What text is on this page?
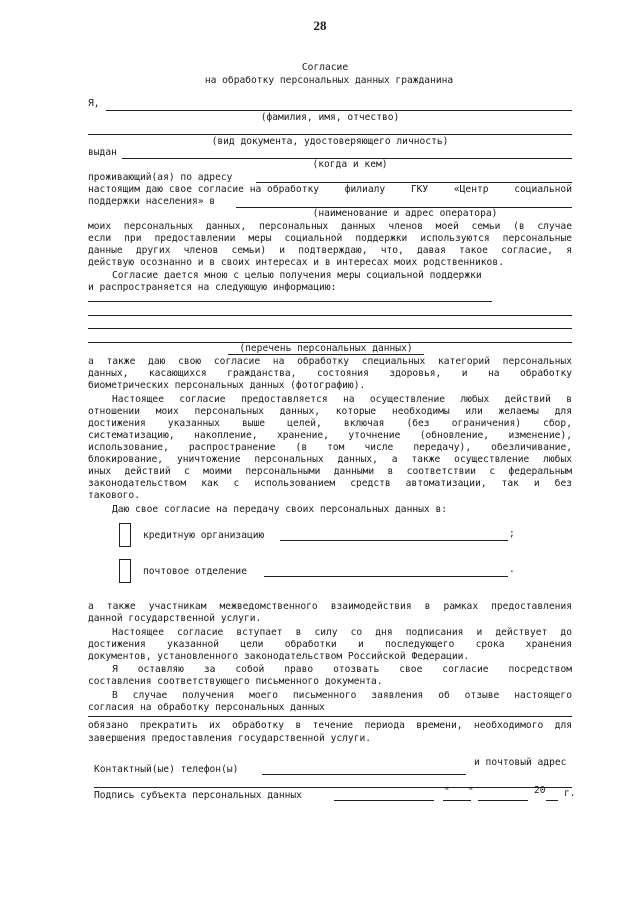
28
Согласие
на обработку персональных данных гражданина
Я,
(фамилия, имя, отчество)
(вид документа, удостоверяющего личность)
выдан
(когда и кем)
проживающий(ая) по адресу
настоящим даю свое согласие на обработку	филиалу	ГКУ	«Центр	социальной
поддержки населения» в
(наименование и адрес оператора)
моих персональных данных, персональных данных членов моей семьи (в случае
если при предоставлении меры социальной поддержки используются персональные
данные других членов семьи) и подтверждаю, что, давая такое согласие, я
действую осознанно и в своих интересах и в интересах моих родственников.
Согласие дается мною с целью получения меры социальной поддержки
и распространяется на следующую информацию:
(перечень персональных данных)
а также даю свою согласие на обработку специальных категорий персональных
данных, касающихся гражданства, состояния здоровья, и на обработку
биометрических персональных данных (фотографию).
Настоящее согласие предоставляется на осуществление любых действий в
отношении моих персональных данных, которые необходимы или желаемы для
достижения указанных выше целей, включая (без ограничения) сбор,
систематизацию, накопление, хранение, уточнение (обновление, изменение),
использование, распространение (в том числе передачу), обезличивание,
блокирование, уничтожение персональных данных, а также осуществление любых
иных действий с моими персональными данными в соответствии с федеральным
законодательством как с использованием средств автоматизации, так и без
такового.
Даю свое согласие на передачу своих персональных данных в:
кредитную организацию	;
почтовое отделение	.
а также участникам межведомственного взаимодействия в рамках предоставления
данной государственной услуги.
Настоящее согласие вступает в силу со дня подписания и действует до
достижения указанной цели обработки и последующего срока хранения
документов, установленного законодательством Российской Федерации.
Я оставляю за собой право отозвать свое согласие посредством
составления соответствующего письменного документа.
В случае получения моего письменного заявления об отзыве настоящего
согласия на обработку персональных данных
обязано прекратить их обработку в течение периода времени, необходимого для
завершения предоставления государственной услуги.
Контактный(ые) телефон(ы)
и почтовый адрес
Подпись субъекта персональных данных	" "	20 г.
